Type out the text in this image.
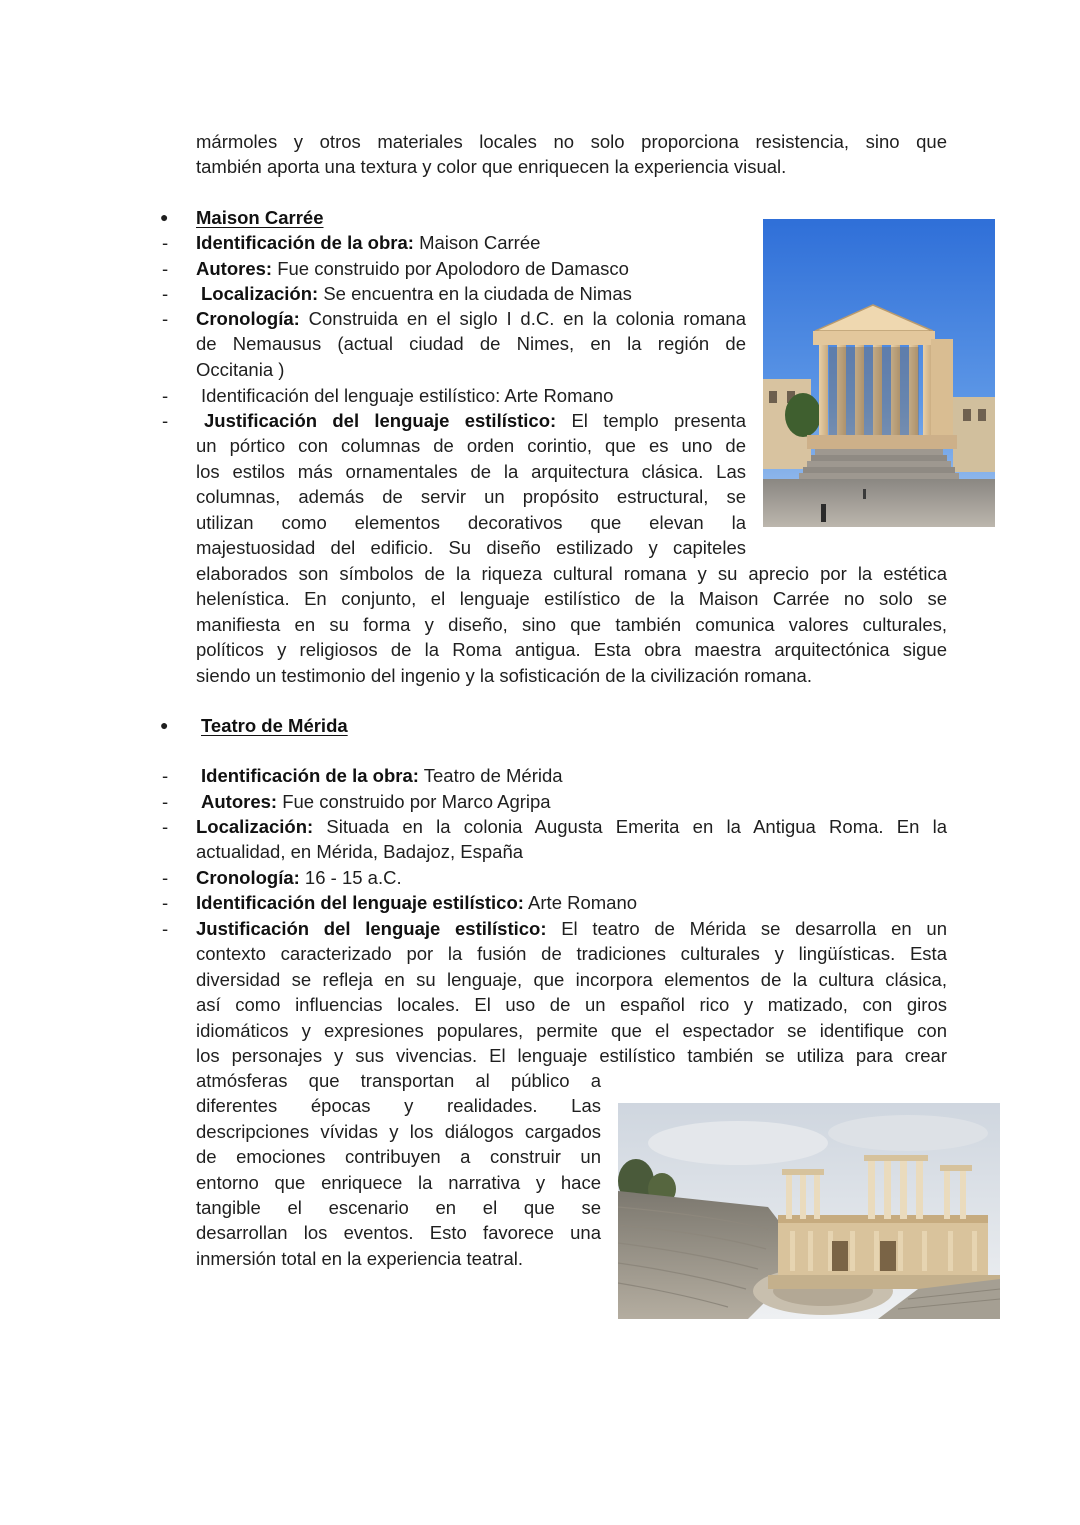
mármoles y otros materiales locales no solo proporciona resistencia, sino que
también aporta una textura y color que enriquecen la experiencia visual.
● Maison Carrée
- Identificación de la obra: Maison Carrée
- Autores: Fue construido por Apolodoro de Damasco
- Localización: Se encuentra en la ciudada de Nimas
- Cronología: Construida en el siglo I d.C. en la colonia romana
de Nemausus (actual ciudad de Nimes, en la región de
Occitania )
- Identificación del lenguaje estilístico: Arte Romano
-	Justificación del lenguaje estilístico: El templo presenta
un pórtico con columnas de orden corintio, que es uno de
los estilos más ornamentales de la arquitectura clásica. Las
columnas, además de servir un propósito estructural, se
utilizan como elementos decorativos que elevan la
majestuosidad del edificio. Su diseño estilizado y capiteles
elaborados son símbolos de la riqueza cultural romana y su aprecio por la estética
helenística. En conjunto, el lenguaje estilístico de la Maison Carrée no solo se
manifiesta en su forma y diseño, sino que también comunica valores culturales,
políticos y religiosos de la Roma antigua. Esta obra maestra arquitectónica sigue
siendo un testimonio del ingenio y la sofisticación de la civilización romana.
● Teatro de Mérida
- Identificación de la obra: Teatro de Mérida
- Autores: Fue construido por Marco Agripa
- Localización: Situada en la colonia Augusta Emerita en la Antigua Roma. En la
actualidad, en Mérida, Badajoz, España
- Cronología: 16 - 15 a.C.
- Identificación del lenguaje estilístico: Arte Romano
- Justificación del lenguaje estilístico: El teatro de Mérida se desarrolla en un
contexto caracterizado por la fusión de tradiciones culturales y lingüísticas. Esta
diversidad se refleja en su lenguaje, que incorpora elementos de la cultura clásica,
así como influencias locales. El uso de un español rico y matizado, con giros
idiomáticos y expresiones populares, permite que el espectador se identifique con
los personajes y sus vivencias. El lenguaje estilístico también se utiliza para crear
atmósferas que transportan al público a
diferentes épocas y realidades. Las
descripciones vívidas y los diálogos cargados
de emociones contribuyen a construir un
entorno que enriquece la narrativa y hace
tangible el escenario en el que se
desarrollan los eventos. Esto favorece una
inmersión total en la experiencia teatral.
